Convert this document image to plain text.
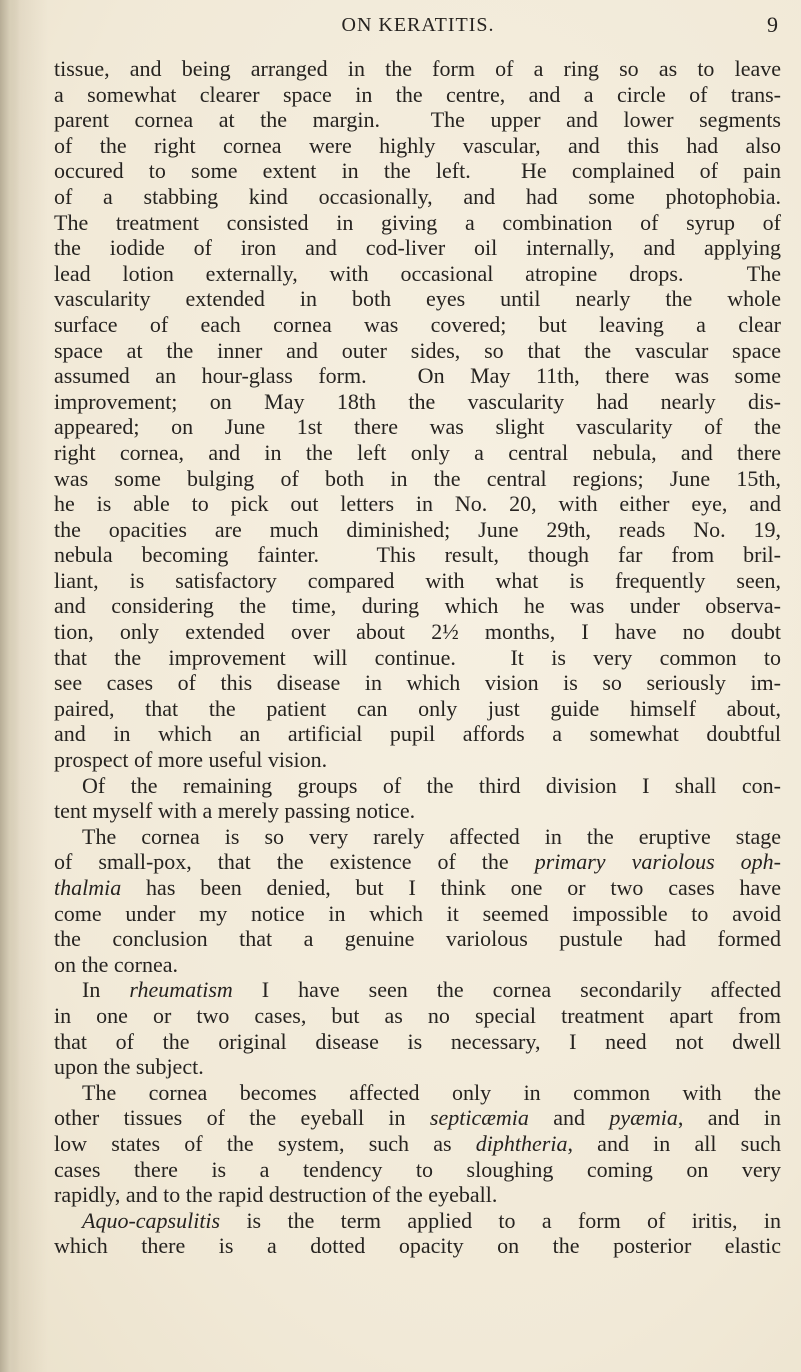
ON KERATITIS.	9
tissue, and being arranged in the form of a ring so as to leave
a somewhat clearer space in the centre, and a circle of trans-
parent cornea at the margin.  The upper and lower segments
of the right cornea were highly vascular, and this had also
occured to some extent in the left.  He complained of pain
of a stabbing kind occasionally, and had some photophobia.
The treatment consisted in giving a combination of syrup of
the iodide of iron and cod-liver oil internally, and applying
lead lotion externally, with occasional atropine drops.  The
vascularity extended in both eyes until nearly the whole
surface of each cornea was covered; but leaving a clear
space at the inner and outer sides, so that the vascular space
assumed an hour-glass form.  On May 11th, there was some
improvement; on May 18th the vascularity had nearly dis-
appeared; on June 1st there was slight vascularity of the
right cornea, and in the left only a central nebula, and there
was some bulging of both in the central regions; June 15th,
he is able to pick out letters in No. 20, with either eye, and
the opacities are much diminished; June 29th, reads No. 19,
nebula becoming fainter.  This result, though far from bril-
liant, is satisfactory compared with what is frequently seen,
and considering the time, during which he was under observa-
tion, only extended over about 2½ months, I have no doubt
that the improvement will continue.  It is very common to
see cases of this disease in which vision is so seriously im-
paired, that the patient can only just guide himself about,
and in which an artificial pupil affords a somewhat doubtful
prospect of more useful vision.
Of the remaining groups of the third division I shall con-
tent myself with a merely passing notice.
The cornea is so very rarely affected in the eruptive stage
of small-pox, that the existence of the primary variolous oph-
thalmia has been denied, but I think one or two cases have
come under my notice in which it seemed impossible to avoid
the conclusion that a genuine variolous pustule had formed
on the cornea.
In rheumatism I have seen the cornea secondarily affected
in one or two cases, but as no special treatment apart from
that of the original disease is necessary, I need not dwell
upon the subject.
The cornea becomes affected only in common with the
other tissues of the eyeball in septicæmia and pyæmia, and in
low states of the system, such as diphtheria, and in all such
cases there is a tendency to sloughing coming on very
rapidly, and to the rapid destruction of the eyeball.
Aquo-capsulitis is the term applied to a form of iritis, in
which there is a dotted opacity on the posterior elastic
